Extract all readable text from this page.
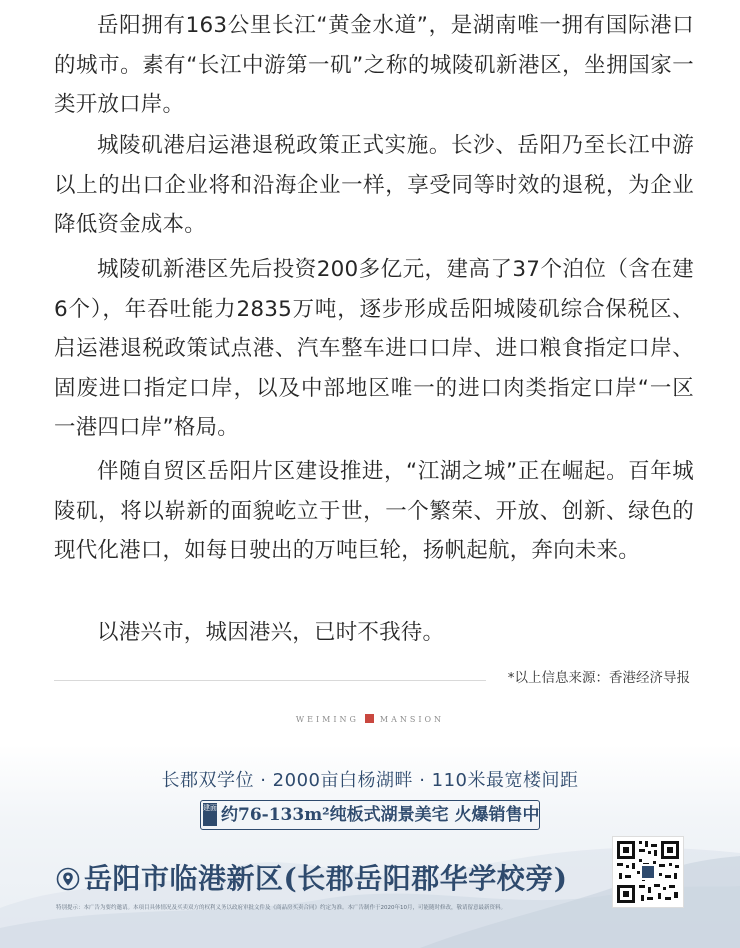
岳阳拥有163公里长江“黄金水道”，是湖南唯一拥有国际港口的城市。素有“长江中游第一矶”之称的城陵矶新港区，坐拥国家一类开放口岸。

城陵矶港启运港退税政策正式实施。长沙、岳阳乃至长江中游以上的出口企业将和沿海企业一样，享受同等时效的退税，为企业降低资金成本。

城陵矶新港区先后投资200多亿元，建高了37个泊位（含在建6个），年吞吐能力2835万吨，逐步形成岳阳城陵矶综合保税区、启运港退税政策试点港、汽车整车进口口岸、进口粮食指定口岸、固废进口指定口岸，以及中部地区唯一的进口肉类指定口岸“一区一港四口岸”格局。

伴随自贸区岳阳片区建设推进，“江湖之城”正在崛起。百年城陵矶，将以崭新的面貌屹立于世，一个繁荣、开放、创新、绿色的现代化港口，如每日驶出的万吨巨轮，扬帆起航，奔向未来。

以港兴市，城因港兴，已时不我待。

*以上信息来源：香港经济导报
WEIMING	MANSION
长郡双学位 · 2000亩白杨湖畔 · 110米最宽楼间距
建面 约76-133m²纯板式湖景美宅 火爆销售中
岳阳市临港新区(长郡岳阳郡华学校旁)
特别提示：本广告为要约邀请。本项目具体情况及买卖双方的权利义务以政府审批文件及《商品房买卖合同》约定为准。本广告制作于2020年10月，可能随时修改，敬请留意最新资料。
